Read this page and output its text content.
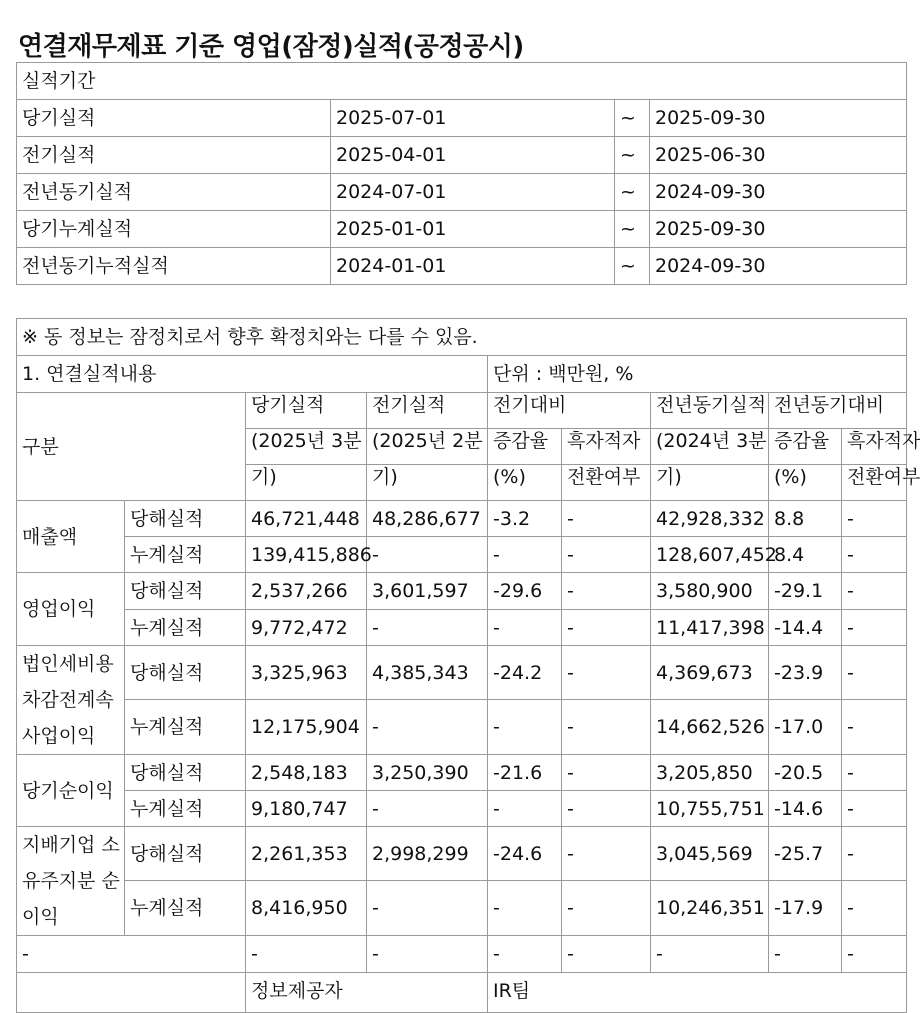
연결재무제표 기준 영업(잠정)실적(공정공시)
실적기간			
당기실적	2025-07-01	~	2025-09-30
전기실적	2025-04-01	~	2025-06-30
전년동기실적	2024-07-01	~	2024-09-30
당기누계실적	2025-01-01	~	2025-09-30
전년동기누적실적	2024-01-01	~	2024-09-30
※ 동 정보는 잠정치로서 향후 확정치와는 다를 수 있음.								
1. 연결실적내용				단위 : 백만원, %				
구분		당기실적	전기실적	전기대비		전년동기실적	전년동기대비	
		(2025년 3분	(2025년 2분	증감율	흑자적자	(2024년 3분	증감율	흑자적자
		기)	기)	(%)	전환여부	기)	(%)	전환여부
매출액	당해실적	46,721,448	48,286,677	-3.2	-	42,928,332	8.8	-
	누계실적	139,415,886	-	-	-	128,607,452	8.4	-
영업이익	당해실적	2,537,266	3,601,597	-29.6	-	3,580,900	-29.1	-
	누계실적	9,772,472	-	-	-	11,417,398	-14.4	-
법인세비용차감전계속사업이익	당해실적	3,325,963	4,385,343	-24.2	-	4,369,673	-23.9	-
	누계실적	12,175,904	-	-	-	14,662,526	-17.0	-
당기순이익	당해실적	2,548,183	3,250,390	-21.6	-	3,205,850	-20.5	-
	누계실적	9,180,747	-	-	-	10,755,751	-14.6	-
지배기업 소유주지분 순이익	당해실적	2,261,353	2,998,299	-24.6	-	3,045,569	-25.7	-
	누계실적	8,416,950	-	-	-	10,246,351	-17.9	-
-		-	-	-	-	-	-	-
		정보제공자		IR팀				
